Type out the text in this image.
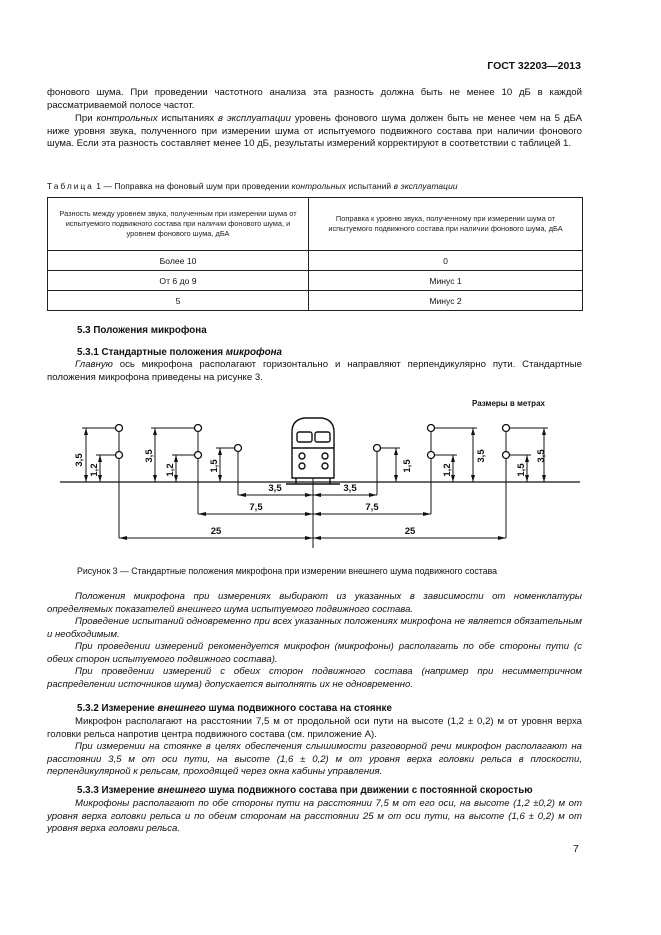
ГОСТ 32203—2013

фонового шума. При проведении частотного анализа эта разность должна быть не менее 10 дБ в каждой рассматриваемой полосе частот.

При контрольных испытаниях в эксплуатации уровень фонового шума должен быть не менее чем на 5 дБА ниже уровня звука, полученного при измерении шума от испытуемого подвижного состава при наличии фонового шума. Если эта разность составляет менее 10 дБ, результаты измерений корректируют в соответствии с таблицей 1.

Таблица 1 — Поправка на фоновый шум при проведении контрольных испытаний в эксплуатации
Разность между уровнем звука, полученным при измерении шума от испытуемого подвижного состава при наличии фонового шума, и уровнем фонового шума, дБА	Поправка к уровню звука, полученному при измерении шума от испытуемого подвижного состава при наличии фонового шума, дБА
Более 10	0
От 6 до 9	Минус 1
5	Минус 2
5.3 Положения микрофона
5.3.1 Стандартные положения микрофона

Главную ось микрофона располагают горизонтально и направляют перпендикулярно пути. Стандартные положения микрофона приведены на рисунке 3.

Размеры в метрах
3,5
1,2
3,5
1,2	1,5	1,5	1,2
3,5
1,5
3,5
3,5	3,5
7,5	7,5
25	25
Рисунок 3 — Стандартные положения микрофона при измерении внешнего шума подвижного состава

Положения микрофона при измерениях выбирают из указанных в зависимости от номенклатуры определяемых показателей внешнего шума испытуемого подвижного состава.

Проведение испытаний одновременно при всех указанных положениях микрофона не является обязательным и необходимым.

При проведении измерений рекомендуется микрофон (микрофоны) располагать по обе стороны пути (с обеих сторон испытуемого подвижного состава).

При проведении измерений с обеих сторон подвижного состава (например при несимметричном распределении источников шума) допускается выполнять их не одновременно.

5.3.2 Измерение внешнего шума подвижного состава на стоянке

Микрофон располагают на расстоянии 7,5 м от продольной оси пути на высоте (1,2 ± 0,2) м от уровня верха головки рельса напротив центра подвижного состава (см. приложение А).

При измерении на стоянке в целях обеспечения слышимости разговорной речи микрофон располагают на расстоянии 3,5 м от оси пути, на высоте (1,6 ± 0,2) м от уровня верха головки рельса в плоскости, перпендикулярной к рельсам, проходящей через окна кабины управления.

5.3.3 Измерение внешнего шума подвижного состава при движении с постоянной скоростью

Микрофоны располагают по обе стороны пути на расстоянии 7,5 м от его оси, на высоте (1,2 ±0,2) м от уровня верха головки рельса и по обеим сторонам на расстоянии 25 м от оси пути, на высоте (1,6 ± 0,2) м от уровня верха головки рельса.

7
